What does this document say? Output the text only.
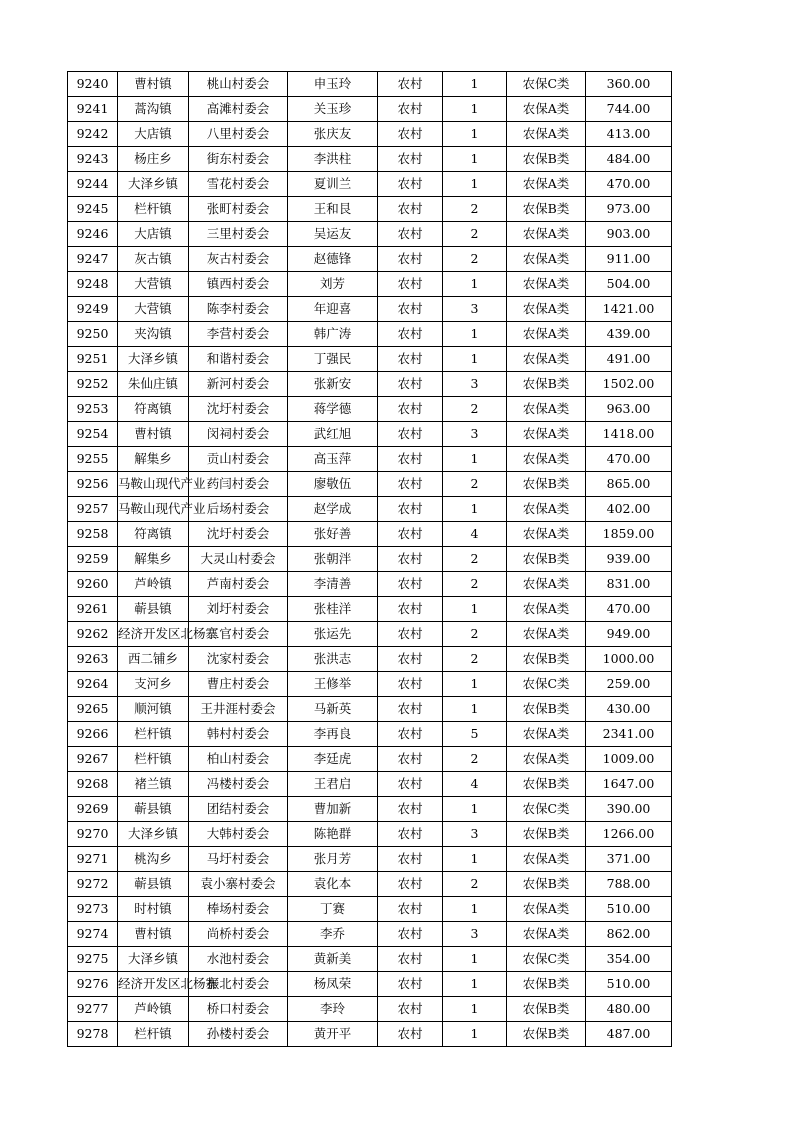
9240	曹村镇	桃山村委会	申玉玲	农村	1	农保C类	360.00
9241	蒿沟镇	高滩村委会	关玉珍	农村	1	农保A类	744.00
9242	大店镇	八里村委会	张庆友	农村	1	农保A类	413.00
9243	杨庄乡	街东村委会	李洪柱	农村	1	农保B类	484.00
9244	大泽乡镇	雪花村委会	夏训兰	农村	1	农保A类	470.00
9245	栏杆镇	张町村委会	王和艮	农村	2	农保B类	973.00
9246	大店镇	三里村委会	吴运友	农村	2	农保A类	903.00
9247	灰古镇	灰古村委会	赵德锋	农村	2	农保A类	911.00
9248	大营镇	镇西村委会	刘芳	农村	1	农保A类	504.00
9249	大营镇	陈李村委会	年迎喜	农村	3	农保A类	1421.00
9250	夹沟镇	李营村委会	韩广涛	农村	1	农保A类	439.00
9251	大泽乡镇	和谐村委会	丁强民	农村	1	农保A类	491.00
9252	朱仙庄镇	新河村委会	张新安	农村	3	农保B类	1502.00
9253	符离镇	沈圩村委会	蒋学德	农村	2	农保A类	963.00
9254	曹村镇	闵祠村委会	武红旭	农村	3	农保A类	1418.00
9255	解集乡	贡山村委会	高玉萍	农村	1	农保A类	470.00
9256	马鞍山现代产业	药闫村委会	廖敬伍	农村	2	农保B类	865.00
9257	马鞍山现代产业	后场村委会	赵学成	农村	1	农保A类	402.00
9258	符离镇	沈圩村委会	张好善	农村	4	农保A类	1859.00
9259	解集乡	大灵山村委会	张朝泮	农村	2	农保B类	939.00
9260	芦岭镇	芦南村委会	李清善	农村	2	农保A类	831.00
9261	蕲县镇	刘圩村委会	张桂洋	农村	1	农保A类	470.00
9262	经济开发区北杨寨	三官村委会	张运先	农村	2	农保A类	949.00
9263	西二铺乡	沈家村委会	张洪志	农村	2	农保B类	1000.00
9264	支河乡	曹庄村委会	王修举	农村	1	农保C类	259.00
9265	顺河镇	王井涯村委会	马新英	农村	1	农保B类	430.00
9266	栏杆镇	韩村村委会	李再良	农村	5	农保A类	2341.00
9267	栏杆镇	柏山村委会	李廷虎	农村	2	农保A类	1009.00
9268	褚兰镇	冯楼村委会	王君启	农村	4	农保B类	1647.00
9269	蕲县镇	团结村委会	曹加新	农村	1	农保C类	390.00
9270	大泽乡镇	大韩村委会	陈艳群	农村	3	农保B类	1266.00
9271	桃沟乡	马圩村委会	张月芳	农村	1	农保A类	371.00
9272	蕲县镇	袁小寨村委会	袁化本	农村	2	农保B类	788.00
9273	时村镇	棒场村委会	丁赛	农村	1	农保A类	510.00
9274	曹村镇	尚桥村委会	李乔	农村	3	农保A类	862.00
9275	大泽乡镇	水池村委会	黄新美	农村	1	农保C类	354.00
9276	经济开发区北杨寨	振北村委会	杨凤荣	农村	1	农保B类	510.00
9277	芦岭镇	桥口村委会	李玲	农村	1	农保B类	480.00
9278	栏杆镇	孙楼村委会	黄开平	农村	1	农保B类	487.00
